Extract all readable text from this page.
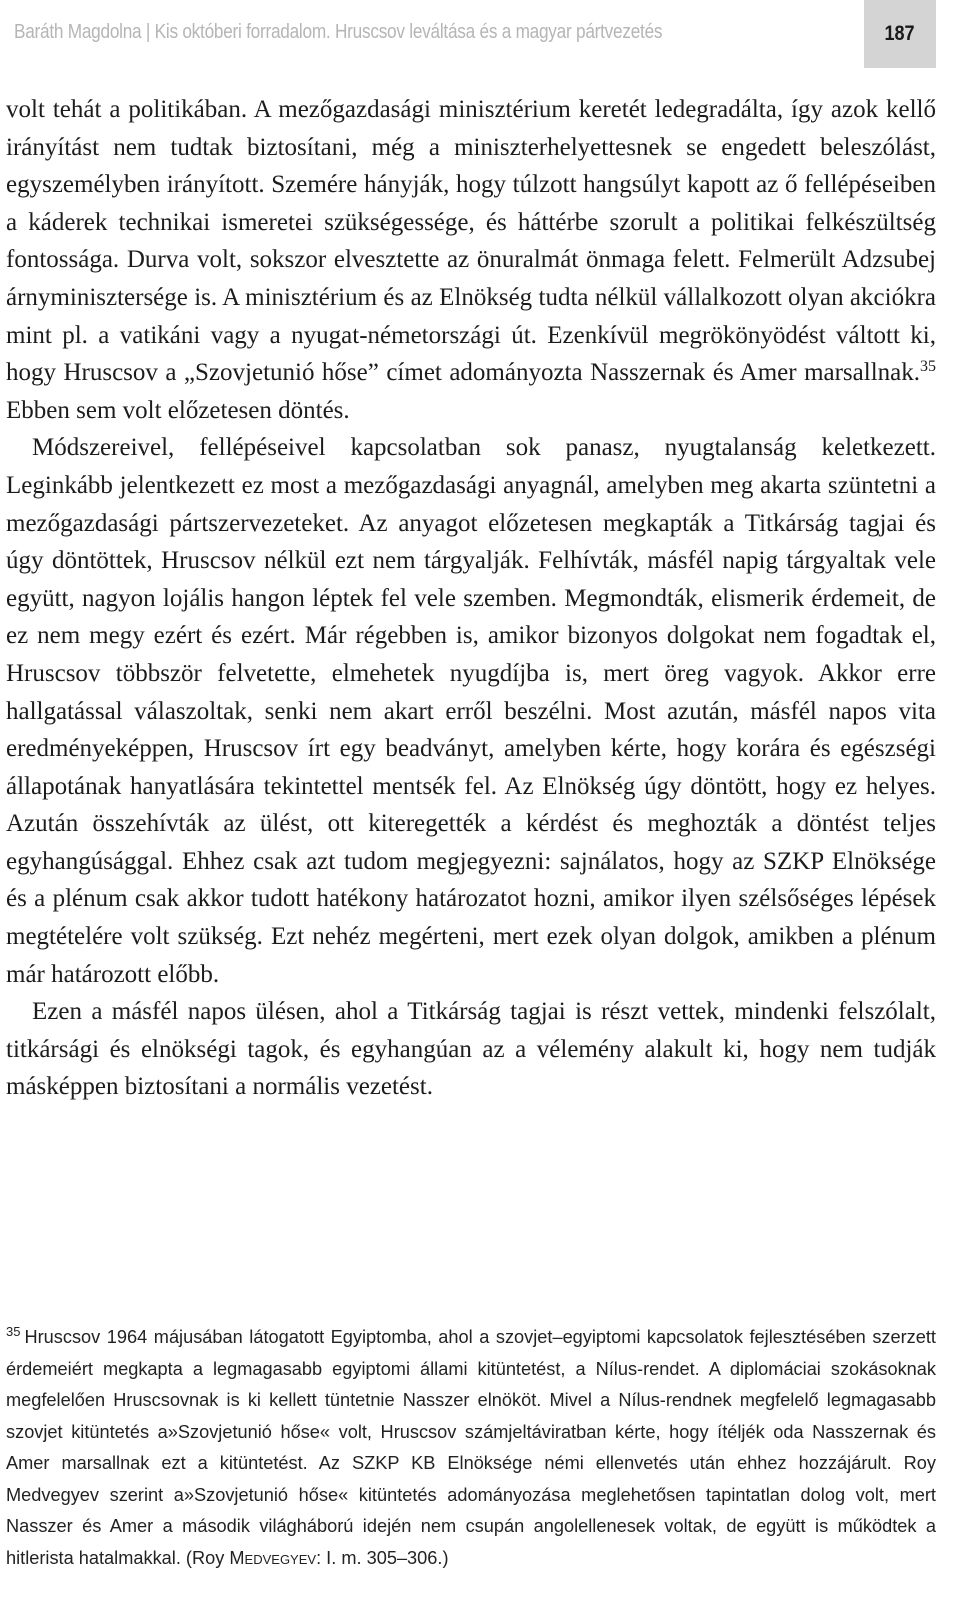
Baráth Magdolna | Kis októberi forradalom. Hruscsov leváltása és a magyar pártvezetés	187

volt tehát a politikában. A mezőgazdasági minisztérium keretét ledegradálta, így azok kellő irányítást nem tudtak biztosítani, még a miniszterhelyettesnek se engedett beleszólást, egyszemélyben irányított. Szemére hányják, hogy túlzott hangsúlyt kapott az ő fellépéseiben a káderek technikai ismeretei szükségessége, és háttérbe szorult a politikai felkészültség fontossága. Durva volt, sokszor elvesztette az önuralmát önmaga felett. Felmerült Adzsubej árnyminisztersége is. A minisztérium és az Elnökség tudta nélkül vállalkozott olyan akciókra mint pl. a vatikáni vagy a nyugat-németországi út. Ezenkívül megrökönyödést váltott ki, hogy Hruscsov a „Szovjetunió hőse” címet adományozta Nasszernak és Amer marsallnak.$^{35}$ Ebben sem volt előzetesen döntés.

Módszereivel, fellépéseivel kapcsolatban sok panasz, nyugtalanság keletkezett. Leginkább jelentkezett ez most a mezőgazdasági anyagnál, amelyben meg akarta szüntetni a mezőgazdasági pártszervezeteket. Az anyagot előzetesen megkapták a Titkárság tagjai és úgy döntöttek, Hruscsov nélkül ezt nem tárgyalják. Felhívták, másfél napig tárgyaltak vele együtt, nagyon lojális hangon léptek fel vele szemben. Megmondták, elismerik érdemeit, de ez nem megy ezért és ezért. Már régebben is, amikor bizonyos dolgokat nem fogadtak el, Hruscsov többször felvetette, elmehetek nyugdíjba is, mert öreg vagyok. Akkor erre hallgatással válaszoltak, senki nem akart erről beszélni. Most azután, másfél napos vita eredményeképpen, Hruscsov írt egy beadványt, amelyben kérte, hogy korára és egészségi állapotának hanyatlására tekintettel mentsék fel. Az Elnökség úgy döntött, hogy ez helyes. Azután összehívták az ülést, ott kiteregették a kérdést és meghozták a döntést teljes egyhangúsággal. Ehhez csak azt tudom megjegyezni: sajnálatos, hogy az SZKP Elnöksége és a plénum csak akkor tudott hatékony határozatot hozni, amikor ilyen szélsőséges lépések megtételére volt szükség. Ezt nehéz megérteni, mert ezek olyan dolgok, amikben a plénum már határozott előbb.

Ezen a másfél napos ülésen, ahol a Titkárság tagjai is részt vettek, mindenki felszólalt, titkársági és elnökségi tagok, és egyhangúan az a vélemény alakult ki, hogy nem tudják másképpen biztosítani a normális vezetést.

$^{35}$ Hruscsov 1964 májusában látogatott Egyiptomba, ahol a szovjet–egyiptomi kapcsolatok fejlesztésében szerzett érdemeiért megkapta a legmagasabb egyiptomi állami kitüntetést, a Nílus-rendet. A diplomáciai szokásoknak megfelelően Hruscsovnak is ki kellett tüntetnie Nasszer elnököt. Mivel a Nílus-rendnek megfelelő legmagasabb szovjet kitüntetés a»Szovjetunió hőse« volt, Hruscsov számjeltáviratban kérte, hogy ítéljék oda Nasszernak és Amer marsallnak ezt a kitüntetést. Az SZKP KB Elnöksége némi ellenvetés után ehhez hozzájárult. Roy Medvegyev szerint a»Szovjetunió hőse« kitüntetés adományozása meglehetősen tapintatlan dolog volt, mert Nasszer és Amer a második világháború idején nem csupán angolellenesek voltak, de együtt is működtek a hitlerista hatalmakkal. (Roy Medvegyev: I. m. 305–306.)
